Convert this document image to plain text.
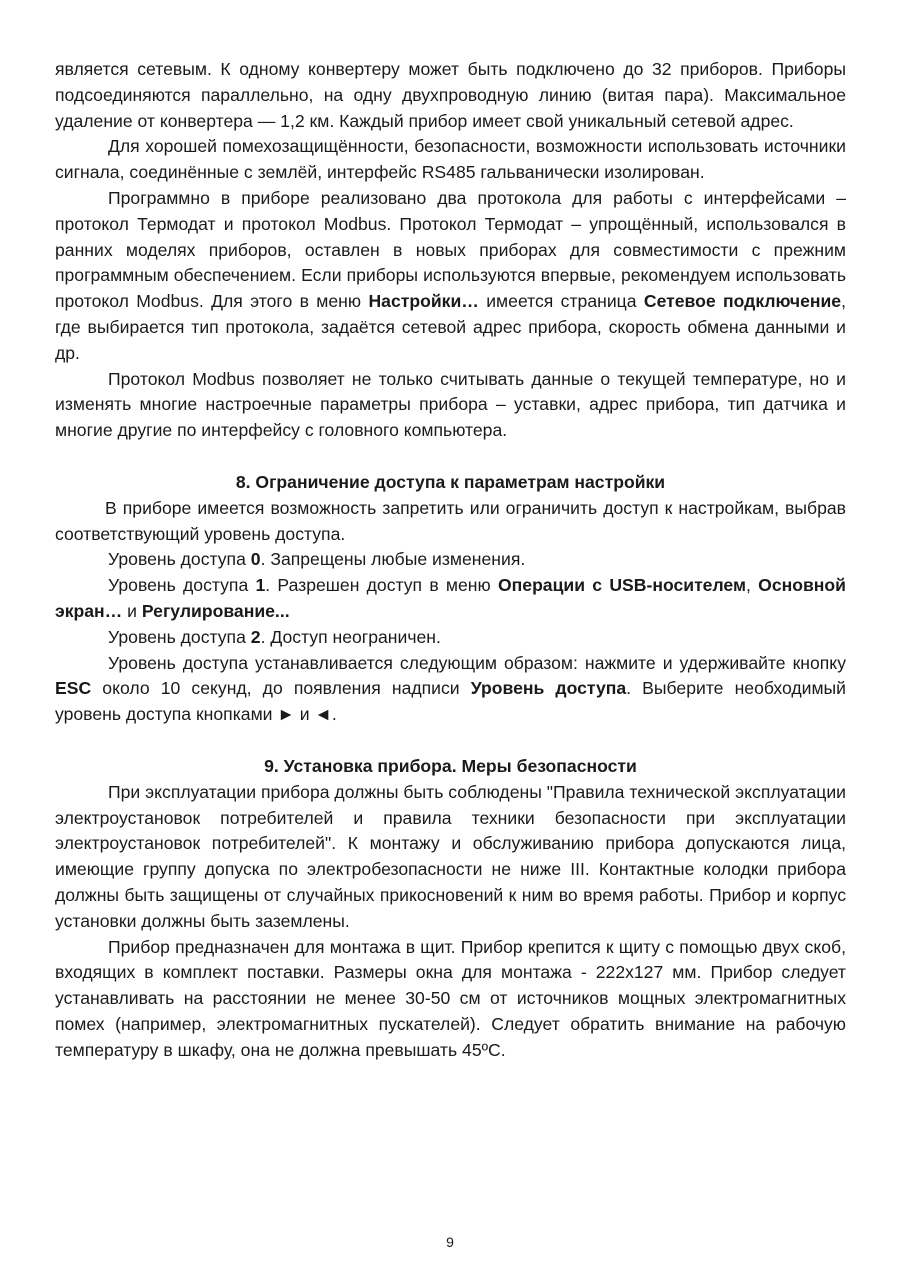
является сетевым. К одному конвертеру может быть подключено до 32 приборов. Приборы подсоединяются параллельно, на одну двухпроводную линию (витая пара). Максимальное удаление от конвертера — 1,2 км. Каждый прибор имеет свой уникальный сетевой адрес.

Для хорошей помехозащищённости, безопасности, возможности использовать источники сигнала, соединённые с землёй, интерфейс RS485 гальванически изолирован.

Программно в приборе реализовано два протокола для работы с интерфейсами – протокол Термодат и протокол Modbus. Протокол Термодат – упрощённый, использовался в ранних моделях приборов, оставлен в новых приборах для совместимости с прежним программным обеспечением. Если приборы используются впервые, рекомендуем использовать протокол Modbus. Для этого в меню Настройки… имеется страница Сетевое подключение, где выбирается тип протокола, задаётся сетевой адрес прибора, скорость обмена данными и др.

Протокол Modbus позволяет не только считывать данные о текущей температуре, но и изменять многие настроечные параметры прибора – уставки, адрес прибора, тип датчика и многие другие по интерфейсу с головного компьютера.

8. Ограничение доступа к параметрам настройки

В приборе имеется возможность запретить или ограничить доступ к настройкам, выбрав соответствующий уровень доступа.

Уровень доступа 0. Запрещены любые изменения.

Уровень доступа 1. Разрешен доступ в меню Операции с USB-носителем, Основной экран… и Регулирование...

Уровень доступа 2. Доступ неограничен.

Уровень доступа устанавливается следующим образом: нажмите и удерживайте кнопку ESC около 10 секунд, до появления надписи Уровень доступа. Выберите необходимый уровень доступа кнопками ► и ◄.

9. Установка прибора. Меры безопасности

При эксплуатации прибора должны быть соблюдены "Правила технической эксплуатации электроустановок потребителей и правила техники безопасности при эксплуатации электроустановок потребителей". К монтажу и обслуживанию прибора допускаются лица, имеющие группу допуска по электробезопасности не ниже III. Контактные колодки прибора должны быть защищены от случайных прикосновений к ним во время работы. Прибор и корпус установки должны быть заземлены.

Прибор предназначен для монтажа в щит. Прибор крепится к щиту с помощью двух скоб, входящих в комплект поставки. Размеры окна для монтажа - 222х127 мм. Прибор следует устанавливать на расстоянии не менее 30-50 см от источников мощных электромагнитных помех (например, электромагнитных пускателей). Следует обратить внимание на рабочую температуру в шкафу, она не должна превышать 45ºС.

9
